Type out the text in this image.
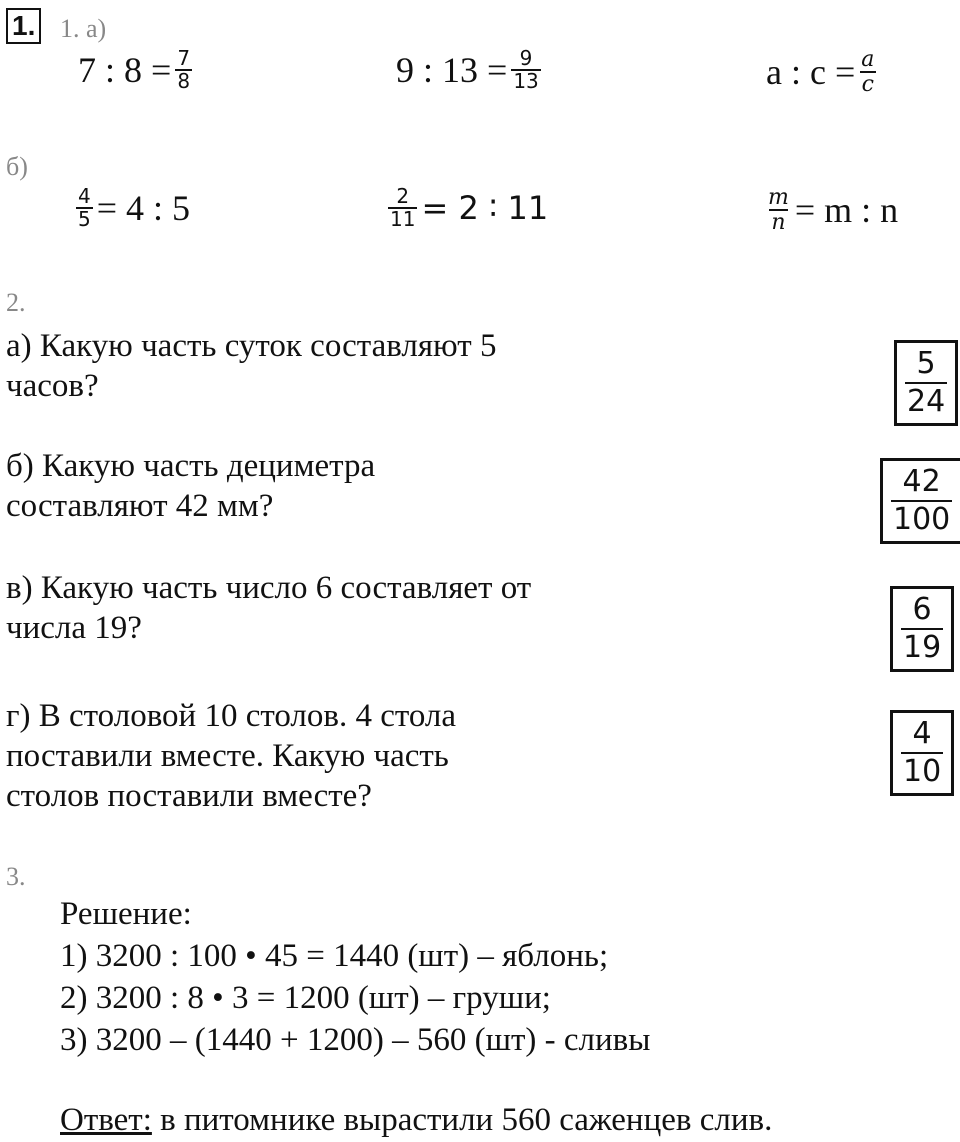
1. 1. а)
7 : $8 = \frac{7}{8}$	9 : $13 = \frac{9}{13}$	a : $c = \frac{a}{c}$
б)
$\frac{4}{5} = 4$ : 5	$\frac{2}{11} = 2$ ∶ 11	$\frac{m}{n} = m$ : n
2.
а) Какую часть суток составляют 5
часов?	$\frac{5}{24}$
б) Какую часть дециметра
составляют 42 мм?	$\frac{42}{100}$
в) Какую часть число 6 составляет от
числа 19?	$\frac{6}{19}$
г) В столовой 10 столов. 4 стола
поставили вместе. Какую часть
столов поставили вместе?	$\frac{4}{10}$
3.
Решение:
1) 3200 : 100 • 45 = 1440 (шт) – яблонь;
2) 3200 : 8 • 3 = 1200 (шт) – груши;
3) 3200 – (1440 + 1200) – 560 (шт) - сливы
Ответ: в питомнике вырастили 560 саженцев слив.
